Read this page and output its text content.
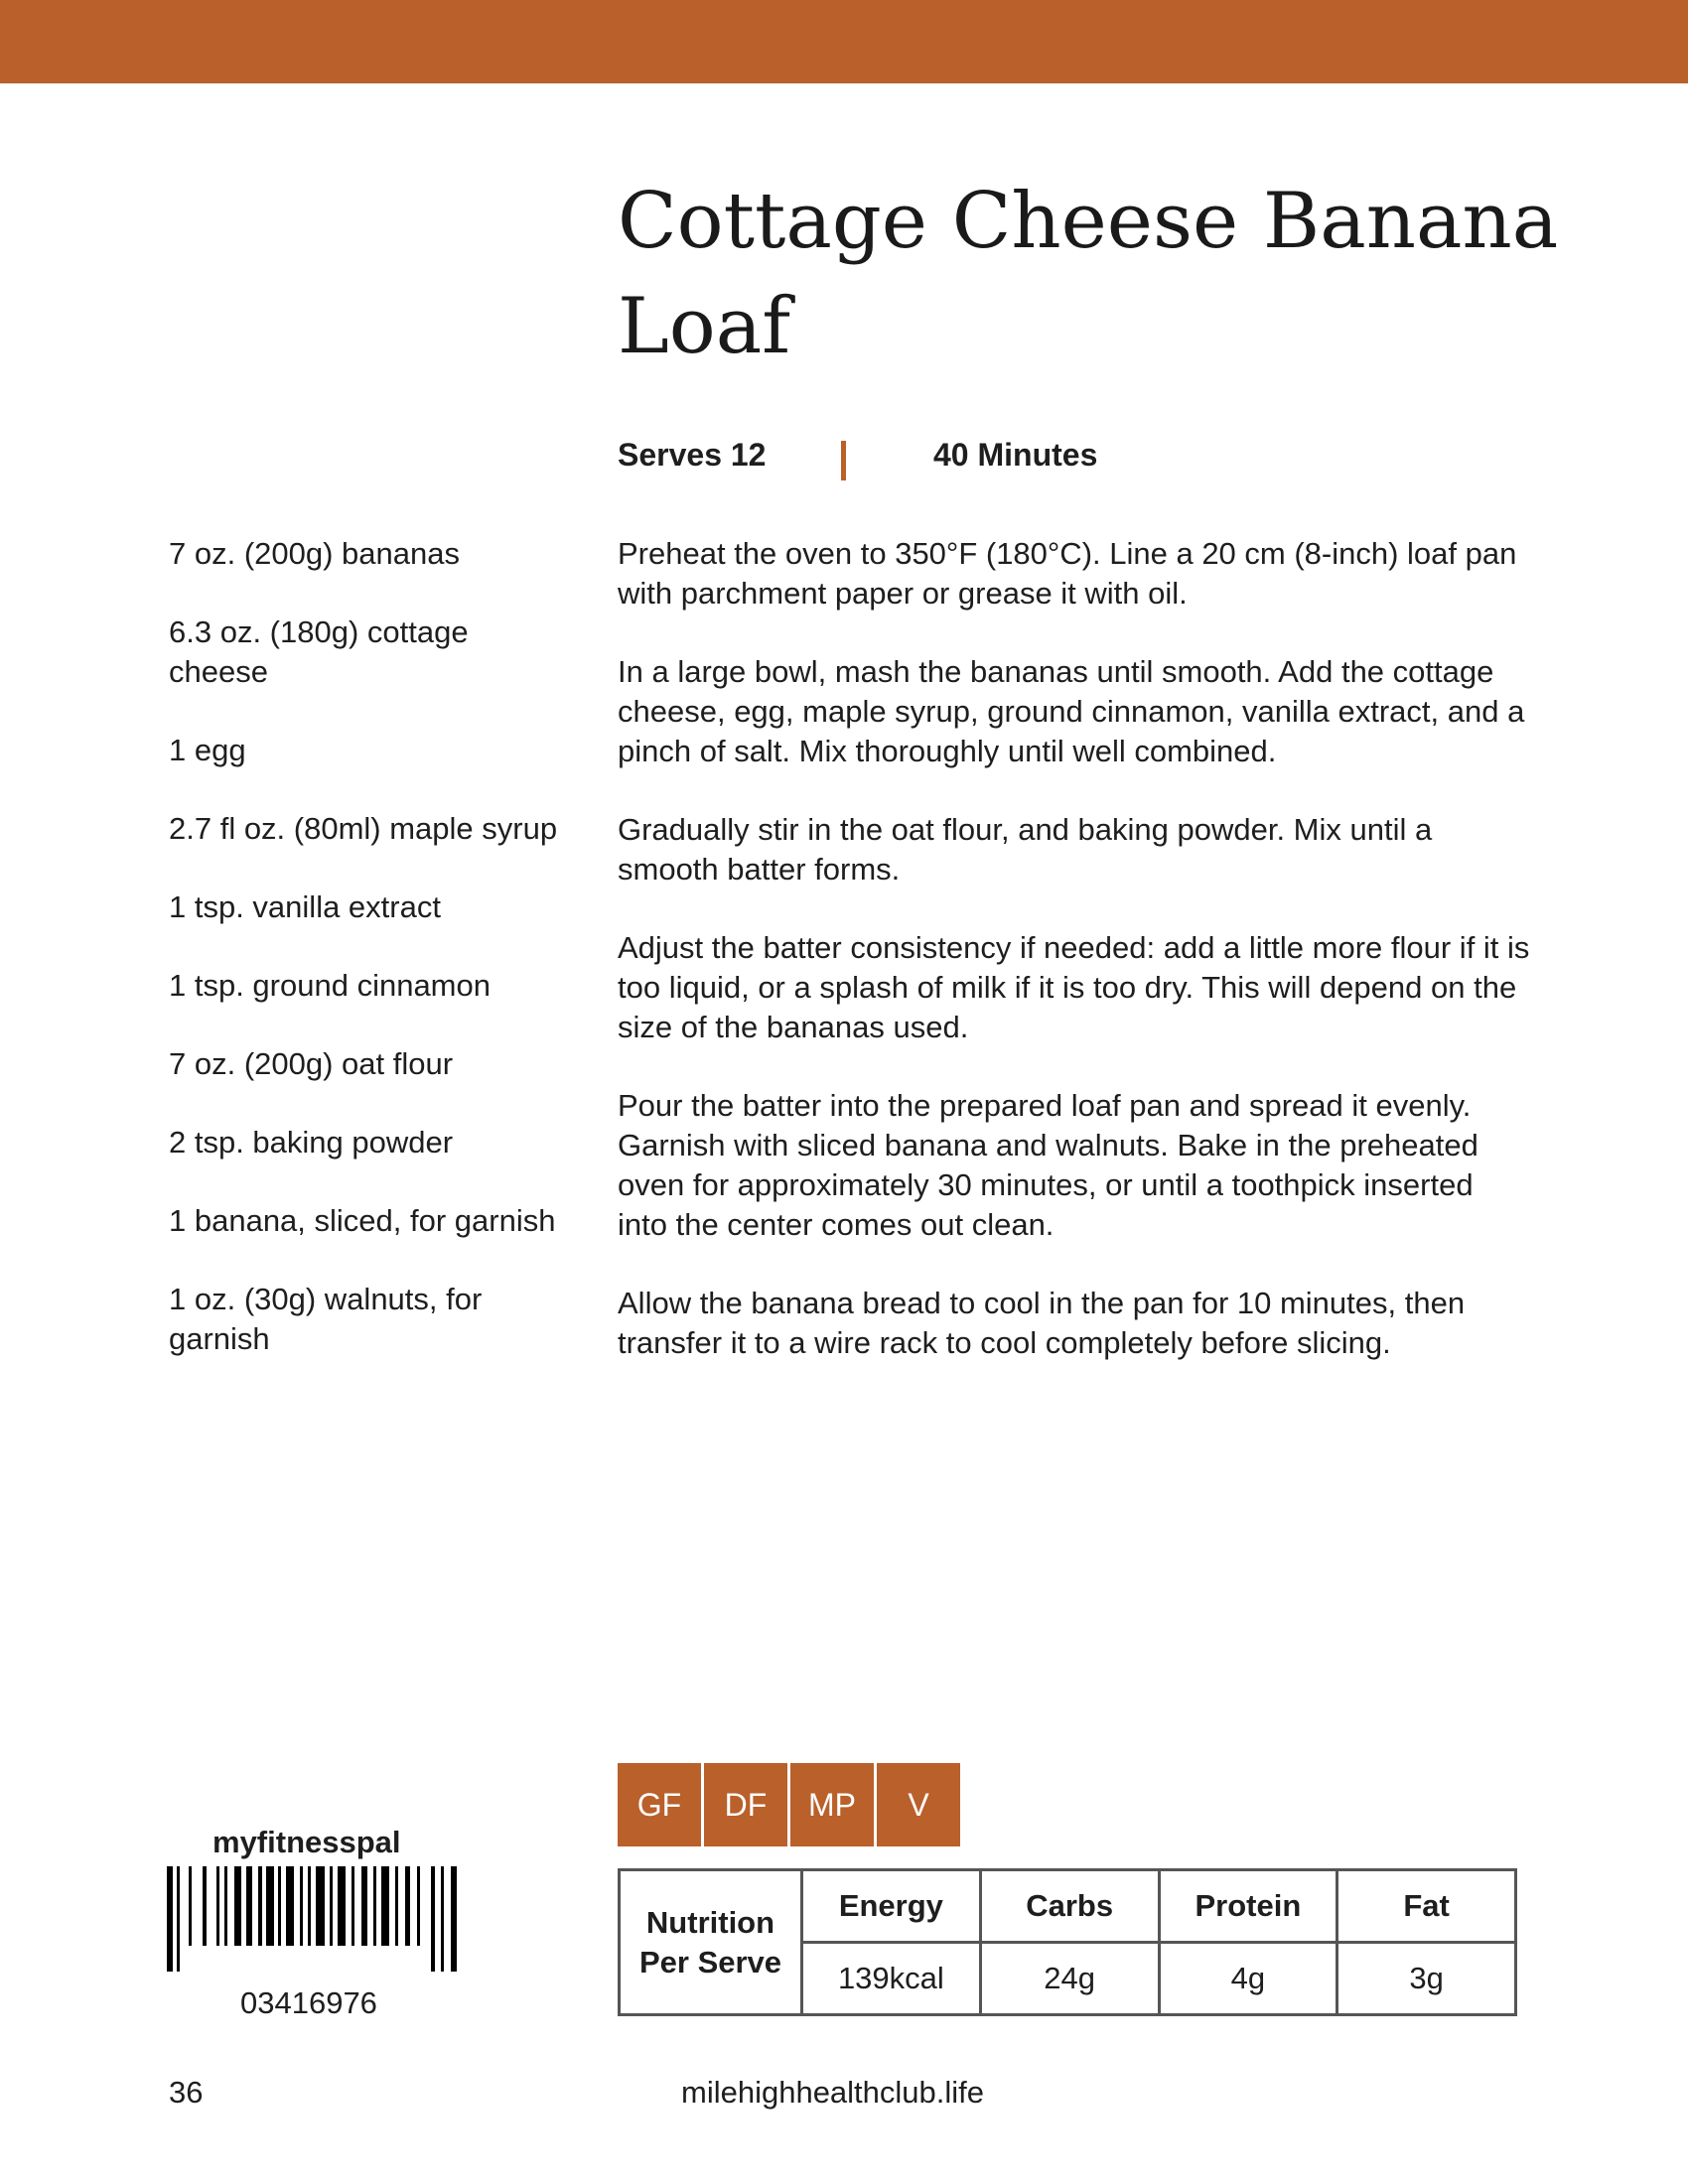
Cottage Cheese Banana Loaf
Serves 12	40 Minutes
7 oz. (200g) bananas
6.3 oz. (180g) cottage cheese
1 egg
2.7 fl oz. (80ml) maple syrup
1 tsp. vanilla extract
1 tsp. ground cinnamon
7 oz. (200g) oat flour
2 tsp. baking powder
1 banana, sliced, for garnish
1 oz. (30g) walnuts, for garnish

Preheat the oven to 350°F (180°C). Line a 20 cm (8-inch) loaf pan with parchment paper or grease it with oil.

In a large bowl, mash the bananas until smooth. Add the cottage cheese, egg, maple syrup, ground cinnamon, vanilla extract, and a pinch of salt. Mix thoroughly until well combined.

Gradually stir in the oat flour, and baking powder. Mix until a smooth batter forms.

Adjust the batter consistency if needed: add a little more flour if it is too liquid, or a splash of milk if it is too dry. This will depend on the size of the bananas used.

Pour the batter into the prepared loaf pan and spread it evenly. Garnish with sliced banana and walnuts. Bake in the preheated oven for approximately 30 minutes, or until a toothpick inserted into the center comes out clean.

Allow the banana bread to cool in the pan for 10 minutes, then transfer it to a wire rack to cool completely before slicing.

GF	DF	MP	V
Nutrition
Per Serve	Energy	Carbs	Protein	Fat
	139kcal	24g	4g	3g
myfitnesspal
03416976
36	milehighhealthclub.life
